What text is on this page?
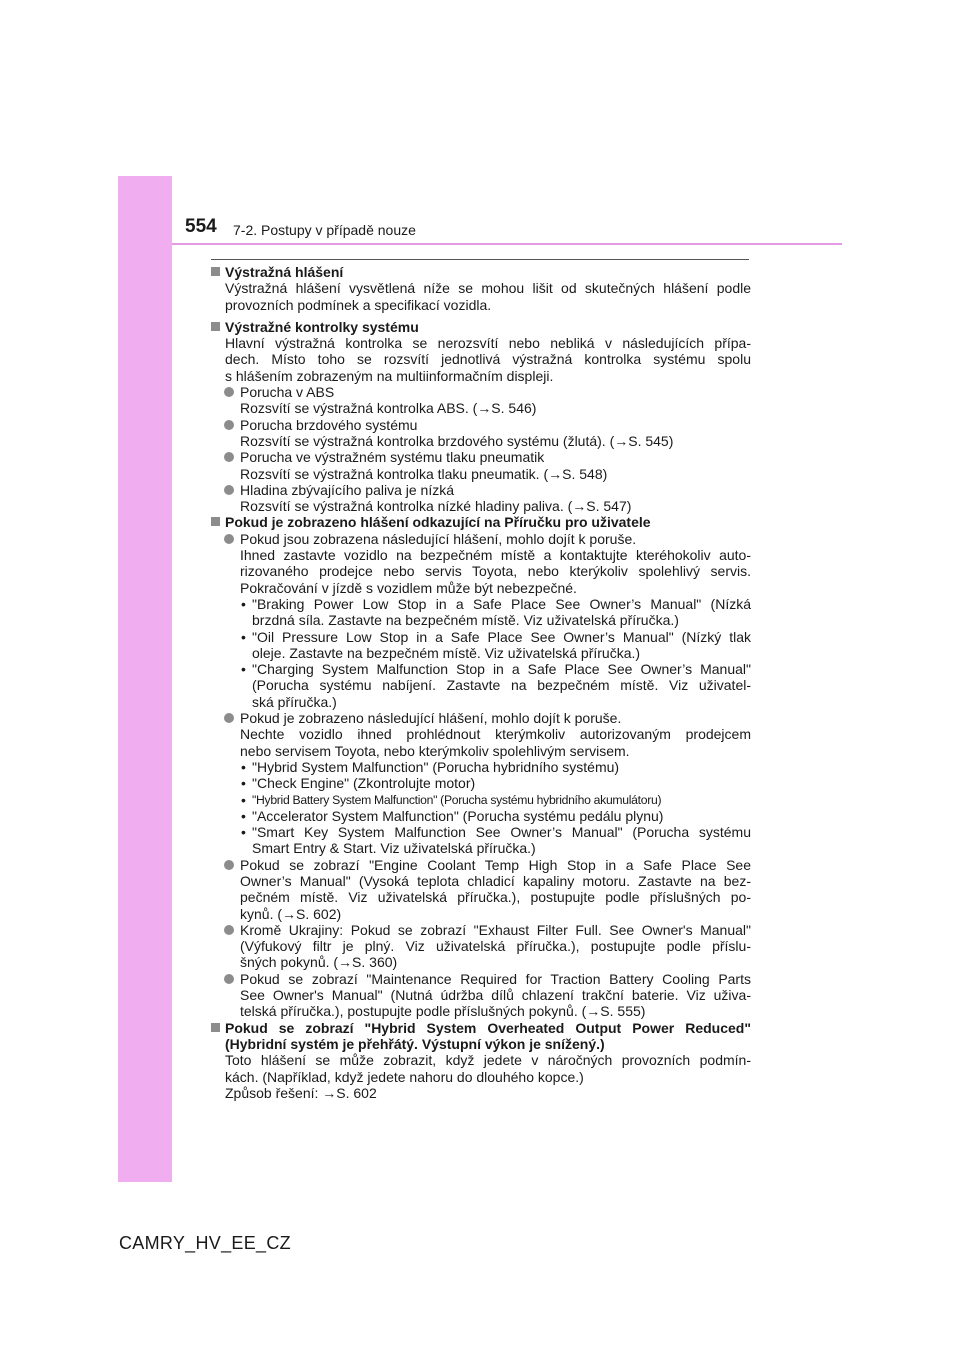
554 7-2. Postupy v případě nouze
Výstražná hlášení
Výstražná hlášení vysvětlená níže se mohou lišit od skutečných hlášení podle
provozních podmínek a specifikací vozidla.
Výstražné kontrolky systému
Hlavní výstražná kontrolka se nerozsvítí nebo nebliká v následujících přípa-
dech. Místo toho se rozsvítí jednotlivá výstražná kontrolka systému spolu
s hlášením zobrazeným na multiinformačním displeji.
Porucha v ABS
Rozsvítí se výstražná kontrolka ABS. (→S. 546)
Porucha brzdového systému
Rozsvítí se výstražná kontrolka brzdového systému (žlutá). (→S. 545)
Porucha ve výstražném systému tlaku pneumatik
Rozsvítí se výstražná kontrolka tlaku pneumatik. (→S. 548)
Hladina zbývajícího paliva je nízká
Rozsvítí se výstražná kontrolka nízké hladiny paliva. (→S. 547)
Pokud je zobrazeno hlášení odkazující na Příručku pro uživatele
Pokud jsou zobrazena následující hlášení, mohlo dojít k poruše.
Ihned zastavte vozidlo na bezpečném místě a kontaktujte kteréhokoliv auto-
rizovaného prodejce nebo servis Toyota, nebo kterýkoliv spolehlivý servis.
Pokračování v jízdě s vozidlem může být nebezpečné.
• "Braking Power Low Stop in a Safe Place See Owner’s Manual" (Nízká
brzdná síla. Zastavte na bezpečném místě. Viz uživatelská příručka.)
• "Oil Pressure Low Stop in a Safe Place See Owner’s Manual" (Nízký tlak
oleje. Zastavte na bezpečném místě. Viz uživatelská příručka.)
• "Charging System Malfunction Stop in a Safe Place See Owner’s Manual"
(Porucha systému nabíjení. Zastavte na bezpečném místě. Viz uživatel-
ská příručka.)
Pokud je zobrazeno následující hlášení, mohlo dojít k poruše.
Nechte vozidlo ihned prohlédnout kterýmkoliv autorizovaným prodejcem
nebo servisem Toyota, nebo kterýmkoliv spolehlivým servisem.
• "Hybrid System Malfunction" (Porucha hybridního systému)
• "Check Engine" (Zkontrolujte motor)
• "Hybrid Battery System Malfunction" (Porucha systému hybridního akumulátoru)
• "Accelerator System Malfunction" (Porucha systému pedálu plynu)
• "Smart Key System Malfunction See Owner’s Manual" (Porucha systému
Smart Entry & Start. Viz uživatelská příručka.)
Pokud se zobrazí "Engine Coolant Temp High Stop in a Safe Place See
Owner’s Manual" (Vysoká teplota chladicí kapaliny motoru. Zastavte na bez-
pečném místě. Viz uživatelská příručka.), postupujte podle příslušných po-
kynů. (→S. 602)
Kromě Ukrajiny: Pokud se zobrazí "Exhaust Filter Full. See Owner's Manual"
(Výfukový filtr je plný. Viz uživatelská příručka.), postupujte podle příslu-
šných pokynů. (→S. 360)
Pokud se zobrazí "Maintenance Required for Traction Battery Cooling Parts
See Owner's Manual" (Nutná údržba dílů chlazení trakční baterie. Viz uživa-
telská příručka.), postupujte podle příslušných pokynů. (→S. 555)
Pokud se zobrazí "Hybrid System Overheated Output Power Reduced"
(Hybridní systém je přehřátý. Výstupní výkon je snížený.)
Toto hlášení se může zobrazit, když jedete v náročných provozních podmín-
kách. (Například, když jedete nahoru do dlouhého kopce.)
Způsob řešení: →S. 602
CAMRY_HV_EE_CZ
